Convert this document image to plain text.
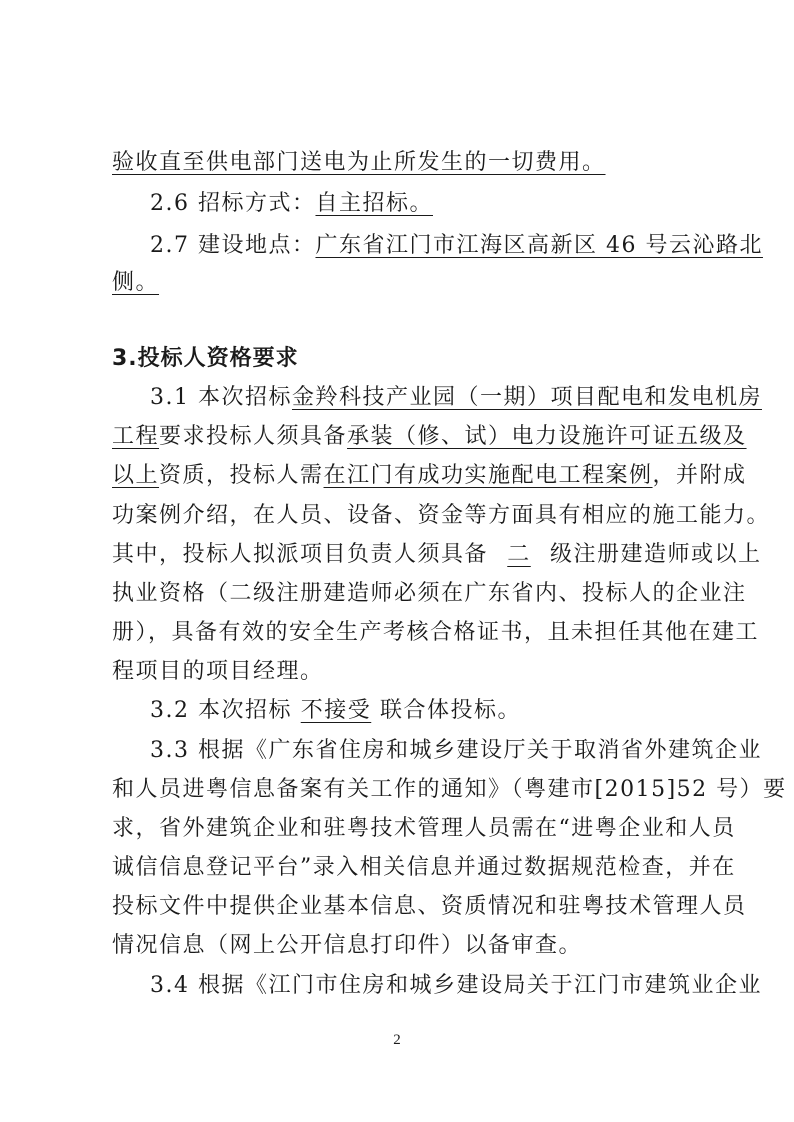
验收直至供电部门送电为止所发生的一切费用。
2.6 招标方式：自主招标。
2.7 建设地点：广东省江门市江海区高新区 46 号云沁路北
侧。
3.投标人资格要求
3.1 本次招标金羚科技产业园（一期）项目配电和发电机房
工程要求投标人须具备承装（修、试）电力设施许可证五级及
以上资质，投标人需在江门有成功实施配电工程案例，并附成
功案例介绍，在人员、设备、资金等方面具有相应的施工能力。
其中，投标人拟派项目负责人须具备 二 级注册建造师或以上
执业资格（二级注册建造师必须在广东省内、投标人的企业注
册），具备有效的安全生产考核合格证书，且未担任其他在建工
程项目的项目经理。
3.2 本次招标 不接受 联合体投标。
3.3 根据《广东省住房和城乡建设厅关于取消省外建筑企业
和人员进粤信息备案有关工作的通知》（粤建市[2015]52 号）要
求，省外建筑企业和驻粤技术管理人员需在“进粤企业和人员
诚信信息登记平台”录入相关信息并通过数据规范检查，并在
投标文件中提供企业基本信息、资质情况和驻粤技术管理人员
情况信息（网上公开信息打印件）以备审查。
3.4 根据《江门市住房和城乡建设局关于江门市建筑业企业
2
